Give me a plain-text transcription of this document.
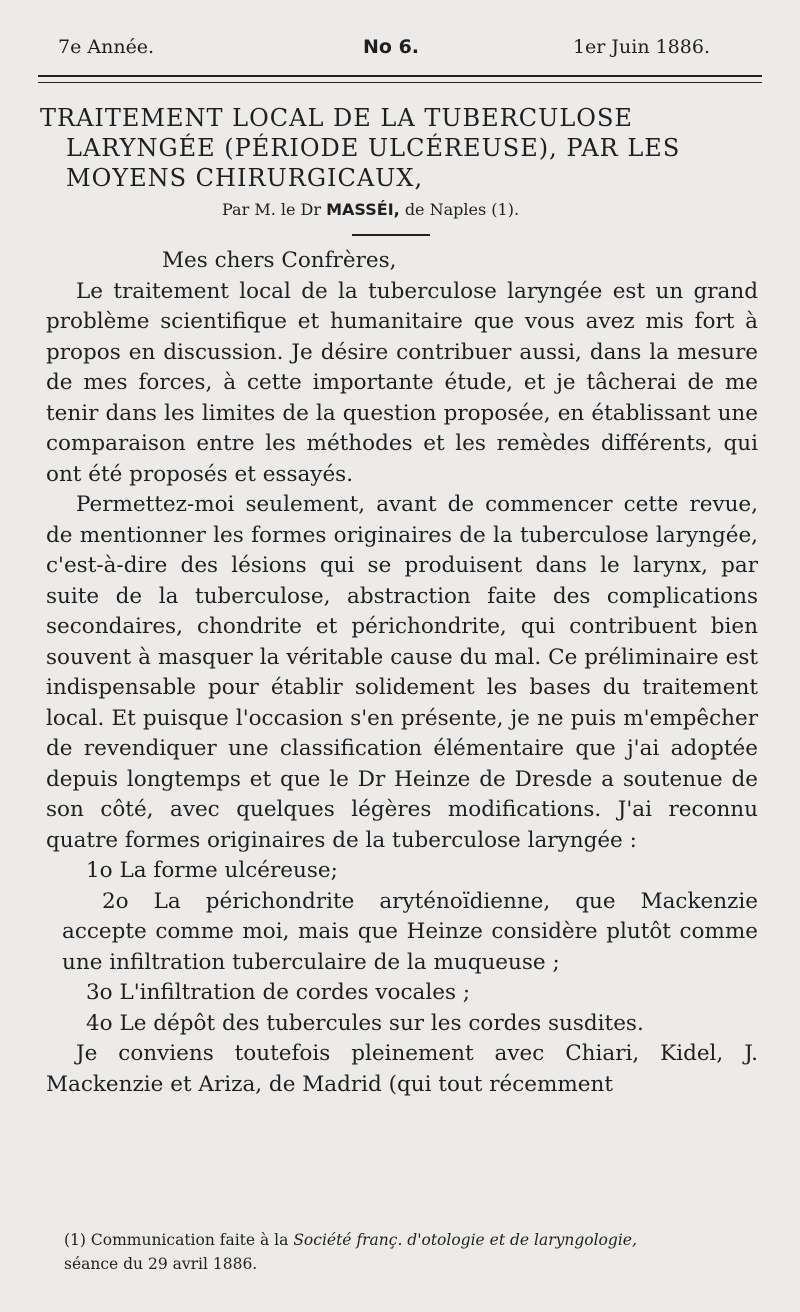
7e Année.	No 6.	1er Juin 1886.
TRAITEMENT LOCAL DE LA TUBERCULOSE
LARYNGÉE (PÉRIODE ULCÉREUSE), PAR LES
MOYENS CHIRURGICAUX,
Par M. le Dr MASSÉI, de Naples (1).

Mes chers Confrères,

Le traitement local de la tuberculose laryngée est un grand problème scientifique et humanitaire que vous avez mis fort à propos en discussion. Je désire contribuer aussi, dans la mesure de mes forces, à cette importante étude, et je tâcherai de me tenir dans les limites de la question proposée, en établissant une comparaison entre les méthodes et les remèdes différents, qui ont été proposés et essayés.

Permettez-moi seulement, avant de commencer cette revue, de mentionner les formes originaires de la tuberculose laryngée, c'est-à-dire des lésions qui se produisent dans le larynx, par suite de la tuberculose, abstraction faite des complications secondaires, chondrite et périchondrite, qui contribuent bien souvent à masquer la véritable cause du mal. Ce préliminaire est indispensable pour établir solidement les bases du traitement local. Et puisque l'occasion s'en présente, je ne puis m'empêcher de revendiquer une classification élémentaire que j'ai adoptée depuis longtemps et que le Dr Heinze de Dresde a soutenue de son côté, avec quelques légères modifications. J'ai reconnu quatre formes originaires de la tuberculose laryngée :

1o La forme ulcéreuse;

2o La périchondrite aryténoïdienne, que Mackenzie accepte comme moi, mais que Heinze considère plutôt comme une infiltration tuberculaire de la muqueuse ;

3o L'infiltration de cordes vocales ;

4o Le dépôt des tubercules sur les cordes susdites.

Je conviens toutefois pleinement avec Chiari, Kidel, J. Mackenzie et Ariza, de Madrid (qui tout récemment

(1) Communication faite à la Société franç. d'otologie et de laryngologie,
séance du 29 avril 1886.
